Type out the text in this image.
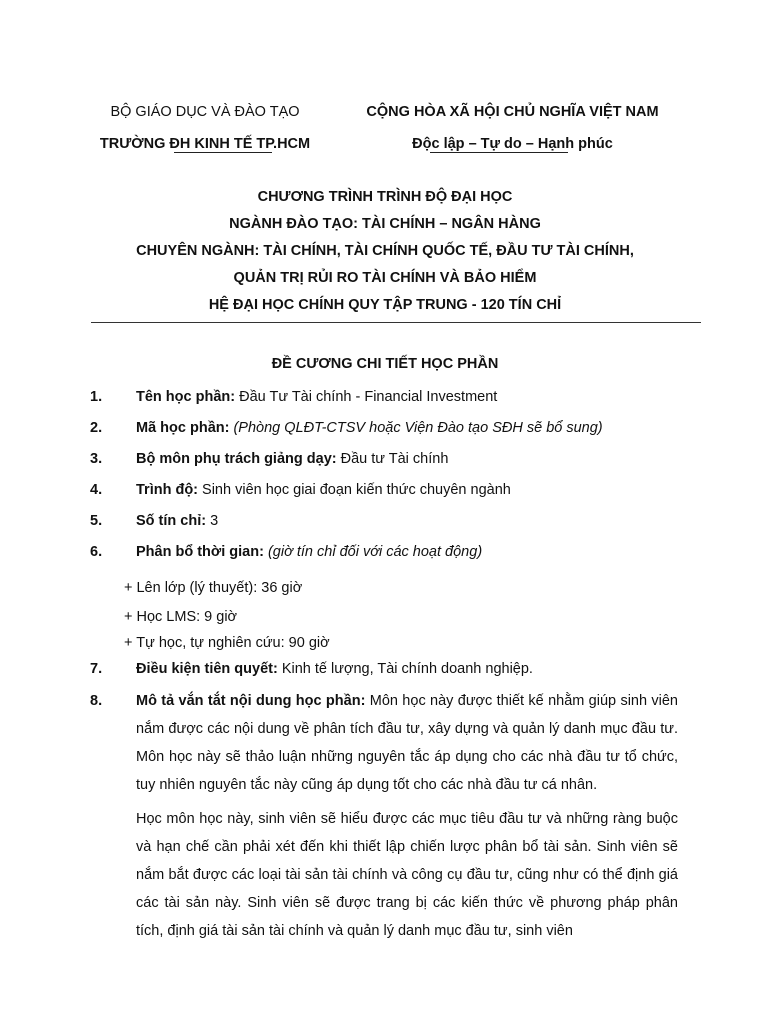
BỘ GIÁO DỤC VÀ ĐÀO TẠO
TRƯỜNG ĐH KINH TẾ TP.HCM
CỘNG HÒA XÃ HỘI CHỦ NGHĨA VIỆT NAM
Độc lập – Tự do – Hạnh phúc
CHƯƠNG TRÌNH TRÌNH ĐỘ ĐẠI HỌC
NGÀNH ĐÀO TẠO: TÀI CHÍNH – NGÂN HÀNG
CHUYÊN NGÀNH: TÀI CHÍNH, TÀI CHÍNH QUỐC TẾ, ĐẦU TƯ TÀI CHÍNH,
QUẢN TRỊ RỦI RO TÀI CHÍNH VÀ BẢO HIỂM
HỆ ĐẠI HỌC CHÍNH QUY TẬP TRUNG - 120 TÍN CHỈ
ĐỀ CƯƠNG CHI TIẾT HỌC PHẦN
1. Tên học phần: Đầu Tư Tài chính - Financial Investment
2. Mã học phần: (Phòng QLĐT-CTSV hoặc Viện Đào tạo SĐH sẽ bổ sung)
3. Bộ môn phụ trách giảng dạy: Đầu tư Tài chính
4. Trình độ: Sinh viên học giai đoạn kiến thức chuyên ngành
5. Số tín chỉ: 3
6. Phân bổ thời gian: (giờ tín chỉ đối với các hoạt động)
+ Lên lớp (lý thuyết): 36 giờ
+ Học LMS: 9 giờ
+ Tự học, tự nghiên cứu: 90 giờ
7. Điều kiện tiên quyết: Kinh tế lượng, Tài chính doanh nghiệp.
8. Mô tả vắn tắt nội dung học phần: Môn học này được thiết kế nhằm giúp sinh viên nắm được các nội dung về phân tích đầu tư, xây dựng và quản lý danh mục đầu tư. Môn học này sẽ thảo luận những nguyên tắc áp dụng cho các nhà đầu tư tổ chức, tuy nhiên nguyên tắc này cũng áp dụng tốt cho các nhà đầu tư cá nhân.
Học môn học này, sinh viên sẽ hiểu được các mục tiêu đầu tư và những ràng buộc và hạn chế cần phải xét đến khi thiết lập chiến lược phân bổ tài sản. Sinh viên sẽ nắm bắt được các loại tài sản tài chính và công cụ đầu tư, cũng như có thể định giá các tài sản này. Sinh viên sẽ được trang bị các kiến thức về phương pháp phân tích, định giá tài sản tài chính và quản lý danh mục đầu tư, sinh viên
